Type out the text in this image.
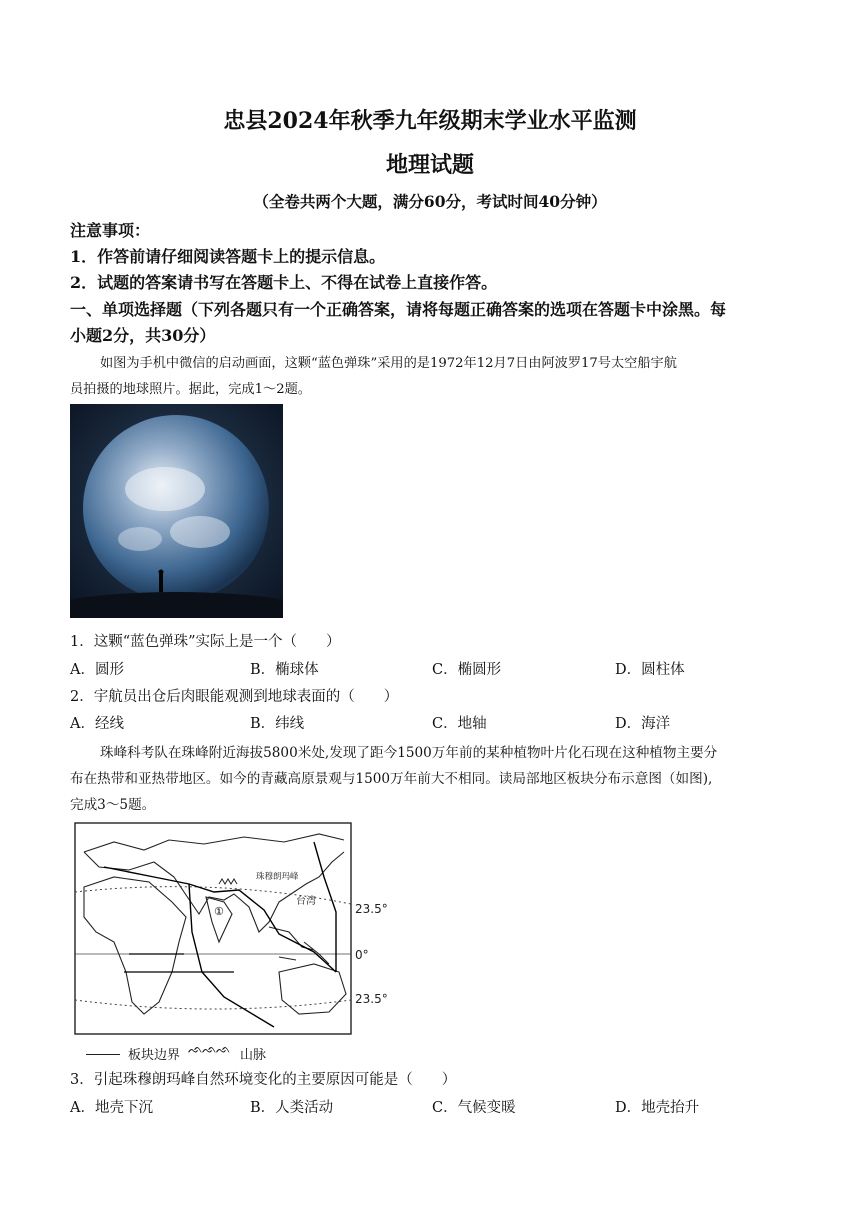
忠县2024年秋季九年级期末学业水平监测
地理试题
（全卷共两个大题，满分60分，考试时间40分钟）
注意事项：
1．作答前请仔细阅读答题卡上的提示信息。
2．试题的答案请书写在答题卡上、不得在试卷上直接作答。
一、单项选择题（下列各题只有一个正确答案，请将每题正确答案的选项在答题卡中涂黑。每
小题2分，共30分）
如图为手机中微信的启动画面，这颗“蓝色弹珠”采用的是1972年12月7日由阿波罗17号太空船宇航
员拍摄的地球照片。据此，完成1～2题。
1．这颗“蓝色弹珠”实际上是一个（　　）
A．圆形	B．椭球体	C．椭圆形	D．圆柱体
2．宇航员出仓后肉眼能观测到地球表面的（　　）
A．经线	B．纬线	C．地轴	D．海洋
珠峰科考队在珠峰附近海拔5800米处,发现了距今1500万年前的某种植物叶片化石现在这种植物主要分
布在热带和亚热带地区。如今的青藏高原景观与1500万年前大不相同。读局部地区板块分布示意图（如图),
完成3～5题。
①
珠穆朗玛峰
台湾
23.5°
0°
23.5°
板块边界 ᨒᨒᨒ 山脉
3．引起珠穆朗玛峰自然环境变化的主要原因可能是（　　）
A．地壳下沉	B．人类活动	C．气候变暖	D．地壳抬升
